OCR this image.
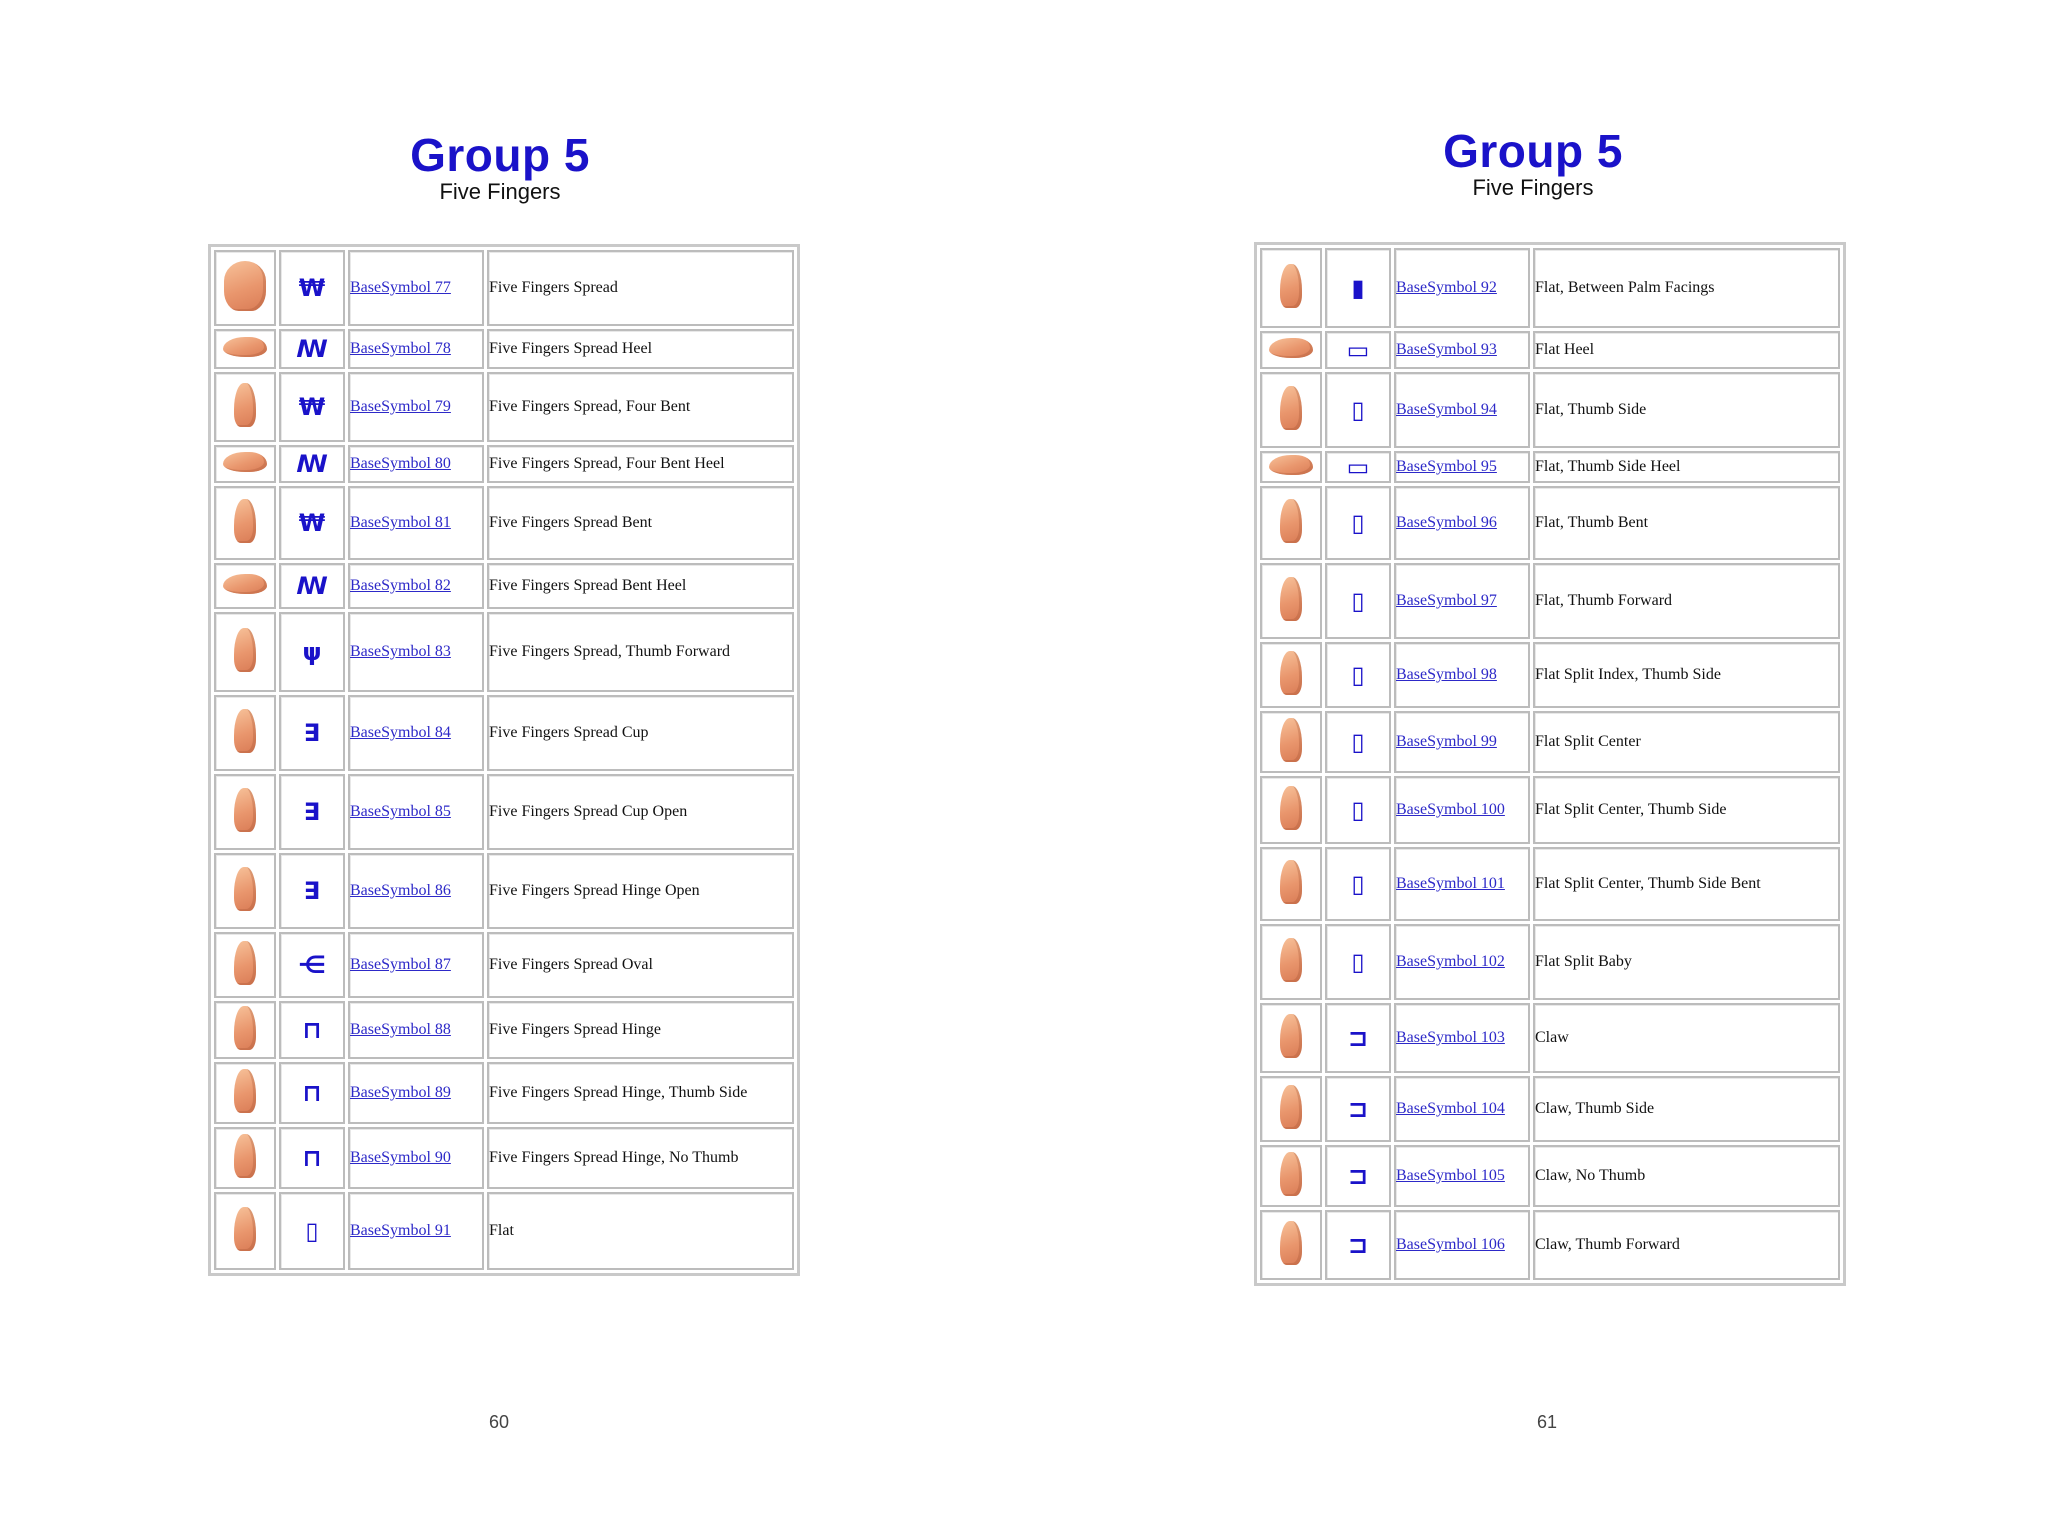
Group 5
Five Fingers
	₩	BaseSymbol 77	Five Fingers Spread
	ꟿ	BaseSymbol 78	Five Fingers Spread Heel
	₩	BaseSymbol 79	Five Fingers Spread, Four Bent
	ꟿ	BaseSymbol 80	Five Fingers Spread, Four Bent Heel
	₩	BaseSymbol 81	Five Fingers Spread Bent
	ꟿ	BaseSymbol 82	Five Fingers Spread Bent Heel
	ψ	BaseSymbol 83	Five Fingers Spread, Thumb Forward
	∃	BaseSymbol 84	Five Fingers Spread Cup
	∃	BaseSymbol 85	Five Fingers Spread Cup Open
	∃	BaseSymbol 86	Five Fingers Spread Hinge Open
	⋲	BaseSymbol 87	Five Fingers Spread Oval
	⊓	BaseSymbol 88	Five Fingers Spread Hinge
	⊓	BaseSymbol 89	Five Fingers Spread Hinge, Thumb Side
	⊓	BaseSymbol 90	Five Fingers Spread Hinge, No Thumb
	▯	BaseSymbol 91	Flat
60
Group 5
Five Fingers
	▮	BaseSymbol 92	Flat, Between Palm Facings
	▭	BaseSymbol 93	Flat Heel
	▯	BaseSymbol 94	Flat, Thumb Side
	▭	BaseSymbol 95	Flat, Thumb Side Heel
	▯	BaseSymbol 96	Flat, Thumb Bent
	▯	BaseSymbol 97	Flat, Thumb Forward
	▯	BaseSymbol 98	Flat Split Index, Thumb Side
	▯	BaseSymbol 99	Flat Split Center
	▯	BaseSymbol 100	Flat Split Center, Thumb Side
	▯	BaseSymbol 101	Flat Split Center, Thumb Side Bent
	▯	BaseSymbol 102	Flat Split Baby
	⊐	BaseSymbol 103	Claw
	⊐	BaseSymbol 104	Claw, Thumb Side
	⊐	BaseSymbol 105	Claw, No Thumb
	⊐	BaseSymbol 106	Claw, Thumb Forward
61
